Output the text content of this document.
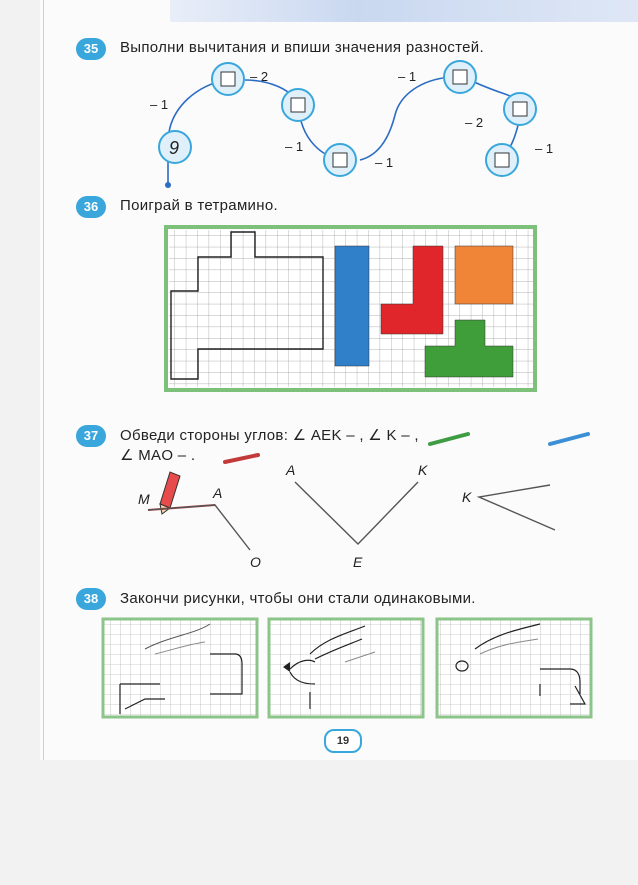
35	Выполни вычитания и впиши значения разностей.
9
– 1
– 2
– 1
– 1
– 1
– 2
– 1
36	Поиграй в тетрамино.
37	Обведи стороны углов: ∠ AEK – , ∠ K – ,
∠ MAO – .
A	K
M	A	K
O	E
38	Закончи рисунки, чтобы они стали одинаковыми.
19
